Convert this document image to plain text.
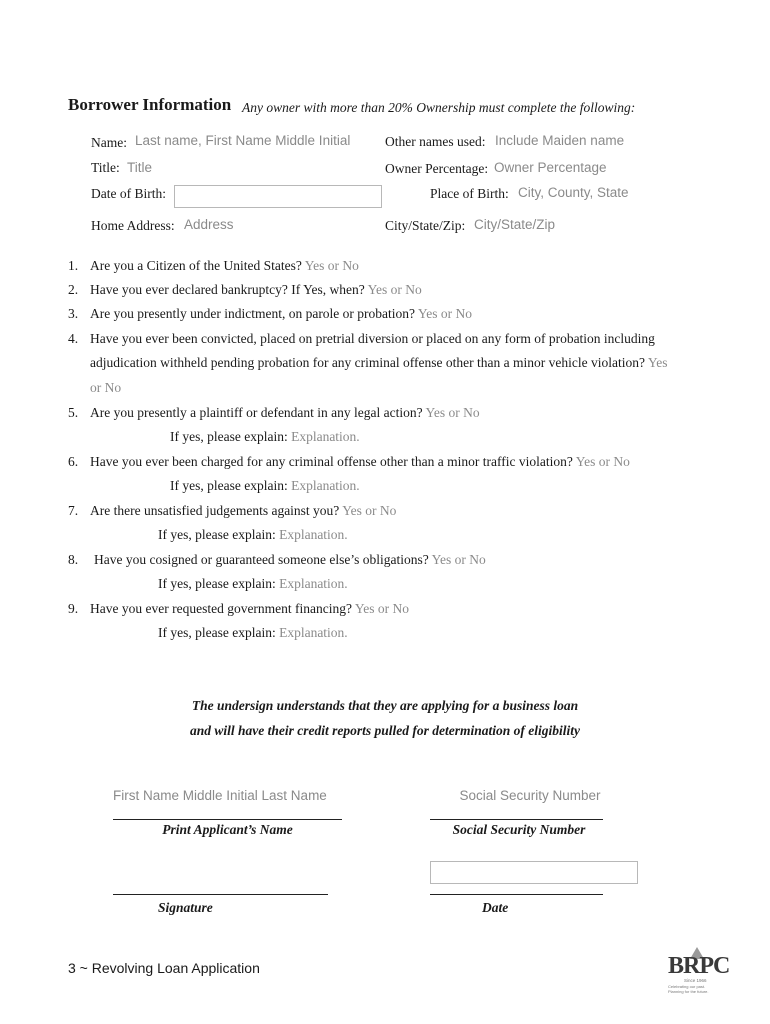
Borrower Information Any owner with more than 20% Ownership must complete the following:
Name: Last name, First Name Middle Initial	Other names used: Include Maiden name
Title: Title	Owner Percentage: Owner Percentage
Date of Birth:	Place of Birth: City, County, State
Home Address: Address	City/State/Zip: City/State/Zip
1. Are you a Citizen of the United States? Yes or No
2. Have you ever declared bankruptcy? If Yes, when? Yes or No
3. Are you presently under indictment, on parole or probation? Yes or No
4. Have you ever been convicted, placed on pretrial diversion or placed on any form of probation including
adjudication withheld pending probation for any criminal offense other than a minor vehicle violation? Yes
or No
5. Are you presently a plaintiff or defendant in any legal action? Yes or No
If yes, please explain: Explanation.
6. Have you ever been charged for any criminal offense other than a minor traffic violation? Yes or No
If yes, please explain: Explanation.
7. Are there unsatisfied judgements against you? Yes or No
If yes, please explain: Explanation.
8. Have you cosigned or guaranteed someone else’s obligations? Yes or No
If yes, please explain: Explanation.
9. Have you ever requested government financing? Yes or No
If yes, please explain: Explanation.
The undersign understands that they are applying for a business loan
and will have their credit reports pulled for determination of eligibility
First Name Middle Initial Last Name
Print Applicant’s Name
Social Security Number
Social Security Number
Signature	Date
3 ~ Revolving Loan Application	BRPC
Since 1966
Celebrating our past.
Planning for the future.
